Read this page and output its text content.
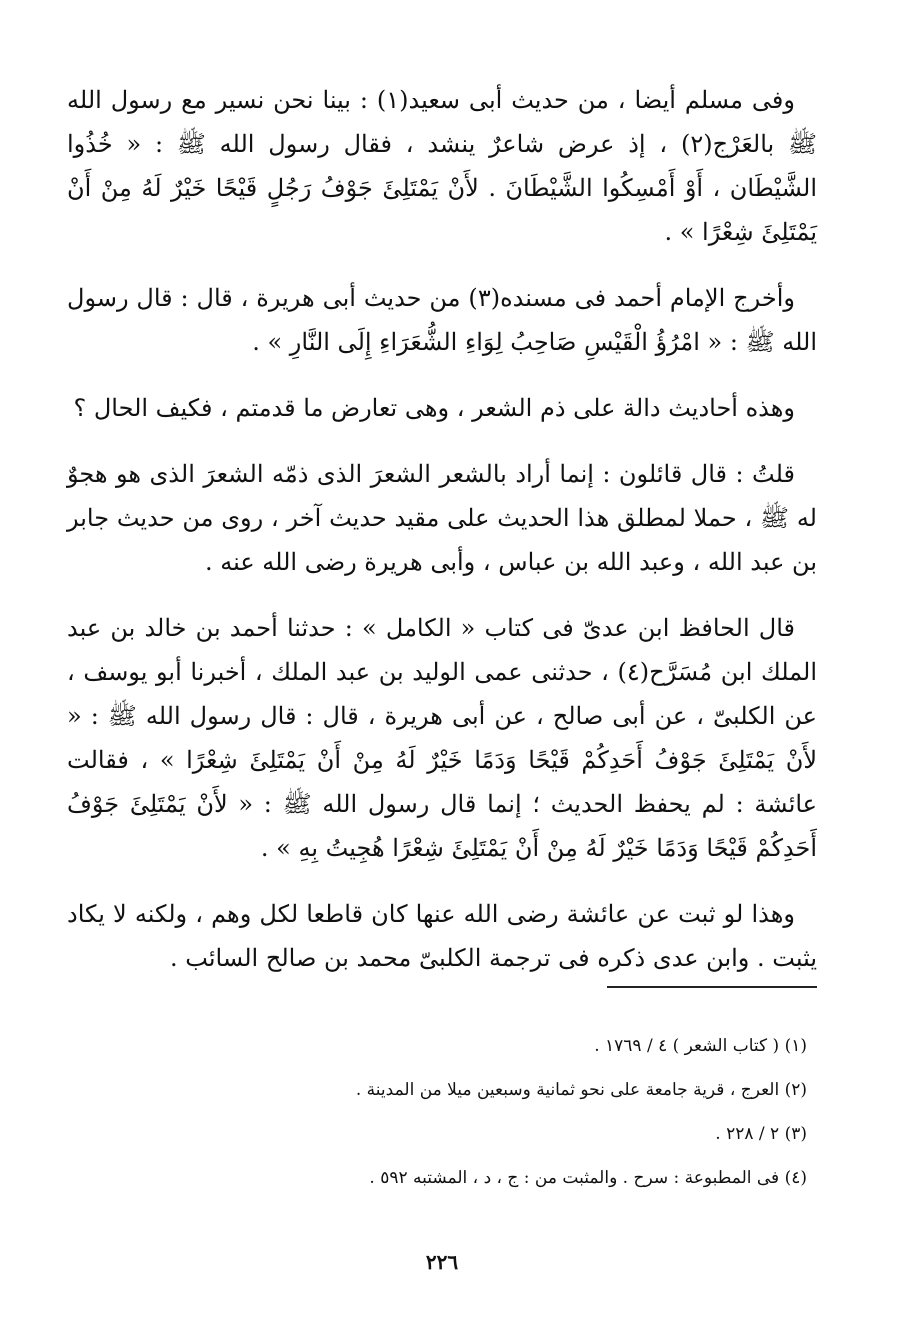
وفى مسلم أيضا ، من حديث أبى سعيد(١) : بينا نحن نسير مع رسول الله ﷺ بالعَرْج(٢) ، إذ عرض شاعرٌ ينشد ، فقال رسول الله ﷺ : « خُذُوا الشَّيْطَان ، أَوْ أَمْسِكُوا الشَّيْطَانَ . لأَنْ يَمْتَلِئَ جَوْفُ رَجُلٍ قَيْحًا خَيْرٌ لَهُ مِنْ أَنْ يَمْتَلِئَ شِعْرًا » .

وأخرج الإمام أحمد فى مسنده(٣) من حديث أبى هريرة ، قال : قال رسول الله ﷺ : « امْرُؤُ الْقَيْسِ صَاحِبُ لِوَاءِ الشُّعَرَاءِ إِلَى النَّارِ » .

وهذه أحاديث دالة على ذم الشعر ، وهى تعارض ما قدمتم ، فكيف الحال ؟

قلتُ : قال قائلون : إنما أراد بالشعر الشعرَ الذى ذمّه الشعرَ الذى هو هجوٌ له ﷺ ، حملا لمطلق هذا الحديث على مقيد حديث آخر ، روى من حديث جابر بن عبد الله ، وعبد الله بن عباس ، وأبى هريرة رضى الله عنه .

قال الحافظ ابن عدىّ فى كتاب « الكامل » : حدثنا أحمد بن خالد بن عبد الملك ابن مُسَرَّح(٤) ، حدثنى عمى الوليد بن عبد الملك ، أخبرنا أبو يوسف ، عن الكلبىّ ، عن أبى صالح ، عن أبى هريرة ، قال : قال رسول الله ﷺ : « لأَنْ يَمْتَلِئَ جَوْفُ أَحَدِكُمْ قَيْحًا وَدَمًا خَيْرٌ لَهُ مِنْ أَنْ يَمْتَلِئَ شِعْرًا » ، فقالت عائشة : لم يحفظ الحديث ؛ إنما قال رسول الله ﷺ : « لأَنْ يَمْتَلِئَ جَوْفُ أَحَدِكُمْ قَيْحًا وَدَمًا خَيْرٌ لَهُ مِنْ أَنْ يَمْتَلِئَ شِعْرًا هُجِيتُ بِهِ » .

وهذا لو ثبت عن عائشة رضى الله عنها كان قاطعا لكل وهم ، ولكنه لا يكاد يثبت . وابن عدى ذكره فى ترجمة الكلبىّ محمد بن صالح السائب .

(١) ( كتاب الشعر ) ٤ / ١٧٦٩ .
(٢) العرج ، قرية جامعة على نحو ثمانية وسبعين ميلا من المدينة .
(٣) ٢ / ٢٢٨ .
(٤) فى المطبوعة : سرح . والمثبت من : ج ، د ، المشتبه ٥٩٢ .
٢٢٦
